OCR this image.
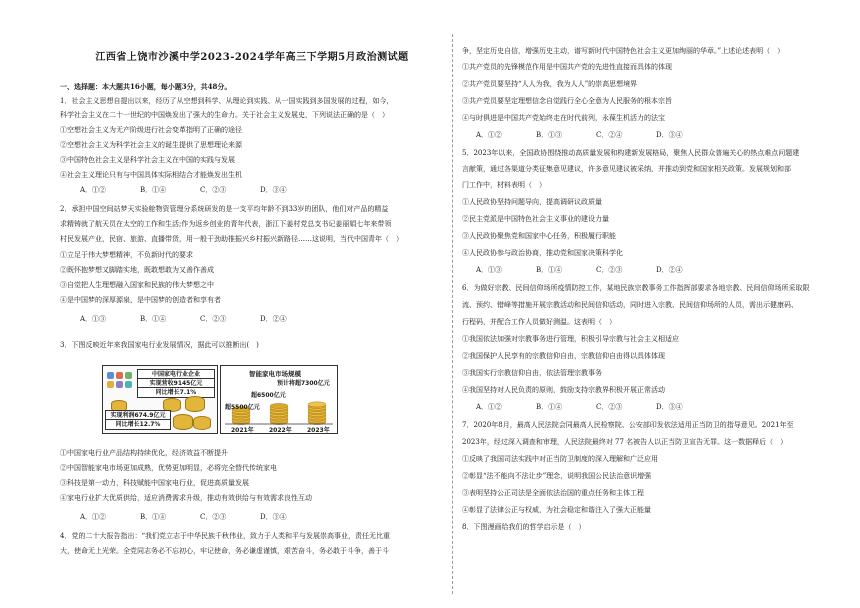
江西省上饶市沙溪中学2023-2024学年高三下学期5月政治测试题
一、选择题：本大题共16小题，每小题3分，共48分。
1．社会主义思想自提出以来，经历了从空想到科学、从理论到实践、从一国实践到多国发展的过程，如今，
科学社会主义在二十一世纪的中国焕发出了强大的生命力。关于社会主义发展史，下列说法正确的是（　）
①空想社会主义为无产阶级进行社会变革指明了正确的途径
②空想社会主义为科学社会主义的诞生提供了思想理论来源
③中国特色社会主义是科学社会主义在中国的实践与发展
④社会主义理论只有与中国具体实际相结合才能焕发出生机
A．①②	B．①④	C．②③	D．③④
2．承担中国空间站梦天实验舱物资管理分系统研发的是一支平均年龄不到33岁的团队，他们对产品的精益
求精铸就了航天员在太空的工作和生活;作为返乡创业的青年代表，浙江下姜村党总支书记姜丽娟七年来带领
村民发展产业，民宿、旅游、直播带货，用一般干劲助推振兴乡村振兴新路径……这说明，当代中国青年（　）
①立足于伟大梦想精神，不负新时代的要求
②既怀抱梦想又脚踏实地，既敢想敢为又善作善成
③自觉把人生理想融入国家和民族的伟大梦想之中
④是中国梦的深厚源泉，是中国梦的创造者和享有者
A．①③	B．①④	C．②③	D．②④
3．下图反映近年来我国家电行业发展情况，据此可以推断出(　)
中国家电行业企业
实现营收9145亿元
同比增长7.1%
实现利润674.9亿元
同比增长12.7%
智能家电市场规模
预计将超7300亿元
超6500亿元
超5500亿元
2021年	2022年	2023年
①中国家电行业产品结构持续优化，经济效益不断提升
②中国智能家电市场更加成熟，优势更加明显，必将完全替代传统家电
③科技是第一动力，科技赋能中国家电行业，促进高质量发展
④家电行业扩大优质供给，适应消费需求升级，推动有效供给与有效需求良性互动
A．①②	B．①④	C．②③	D．③④
4．党的二十大报告指出：“我们党立志于中华民族千秋伟业，致力于人类和平与发展崇高事业，责任无比重
大，使命无上光荣。全党同志务必不忘初心，牢记使命，务必谦虚谨慎，艰苦奋斗，务必敢于斗争，善于斗
争，坚定历史自信，增强历史主动，谱写新时代中国特色社会主义更加绚丽的华章。”上述论述表明（　）
①共产党员的先锋模范作用是中国共产党的先进性直接而具体的体现
②共产党员要坚持“人人为我，我为人人”的崇高思想境界
③共产党员要坚定理想信念自觉践行全心全意为人民服务的根本宗旨
④与时俱进是中国共产党始终走在时代前列，永葆生机活力的法宝
A．①②	B．①③	C．②④	D．③④
5．2023年以来，全国政协围绕推动高质量发展和构建新发展格局，聚焦人民群众普遍关心的热点难点问题建
言献策，通过各渠道分类征集意见建议，许多意见建议被采纳，并推动到党和国家相关政策。发展规划和部
门工作中，材料表明（　）
①人民政协坚持问题导向，提高调研议政质量
②民主党派是中国特色社会主义事业的建设力量
③人民政协聚焦党和国家中心任务，积极履行职能
④人民政协参与政治协商，推动党和国家决策科学化
A．①③	B．①④	C．②③	D．②④
6．为做好宗教、民间信仰场所疫情防控工作，某地民族宗教事务工作指挥部要求各地宗教、民间信仰场所采取限
流、预约、错峰等措施开展宗教活动和民间信仰活动，同时进入宗教、民间信仰场所的人员，需出示健康码、
行程码，并配合工作人员做好测温。这表明（　）
①我国依法加强对宗教事务进行管理，积极引导宗教与社会主义相适应
②我国保护人民享有的宗教信仰自由，宗教信仰自由得以具体体现
③我国实行宗教信仰自由，依法管理宗教事务
④我国坚持对人民负责的原则，鼓励支持宗教界积极开展正常活动
A．①②	B．①④	C．②③	D．③④
7．2020年8月，最高人民法院会同最高人民检察院、公安部印发依法适用正当防卫的指导意见。2021年至
2023年，经过深入调查和审理，人民法院最终对 77 名被告人以正当防卫宣告无罪。这一数据释后（　）
①反映了我国司法实践中对正当防卫制度的深入理解和广泛应用
②彰显“法不能向不法让步”理念，说明我国公民法治意识增强
③表明坚持公正司法是全面依法治国的重点任务和主体工程
④彰显了法律公正与权威，为社会稳定和谐注入了强大正能量
8．下图漫画给我们的哲学启示是（　）
